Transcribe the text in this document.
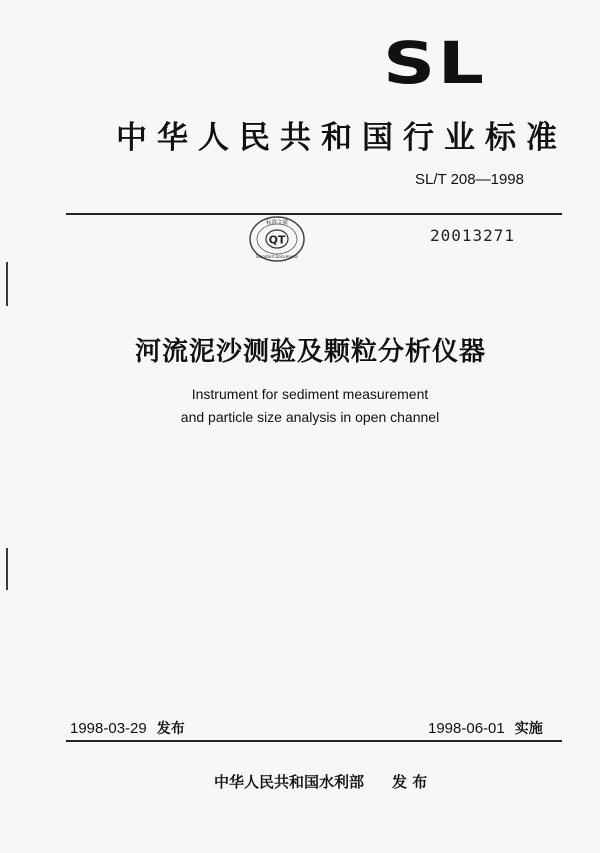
SL
中华人民共和国行业标准
SL/T 208—1998
QT
标准文献
Standard Documents
20013271
河流泥沙测验及颗粒分析仪器
Instrument for sediment measurement
and particle size analysis in open channel
1998-03-29 发布	1998-06-01 实施
中华人民共和国水利部 发 布
